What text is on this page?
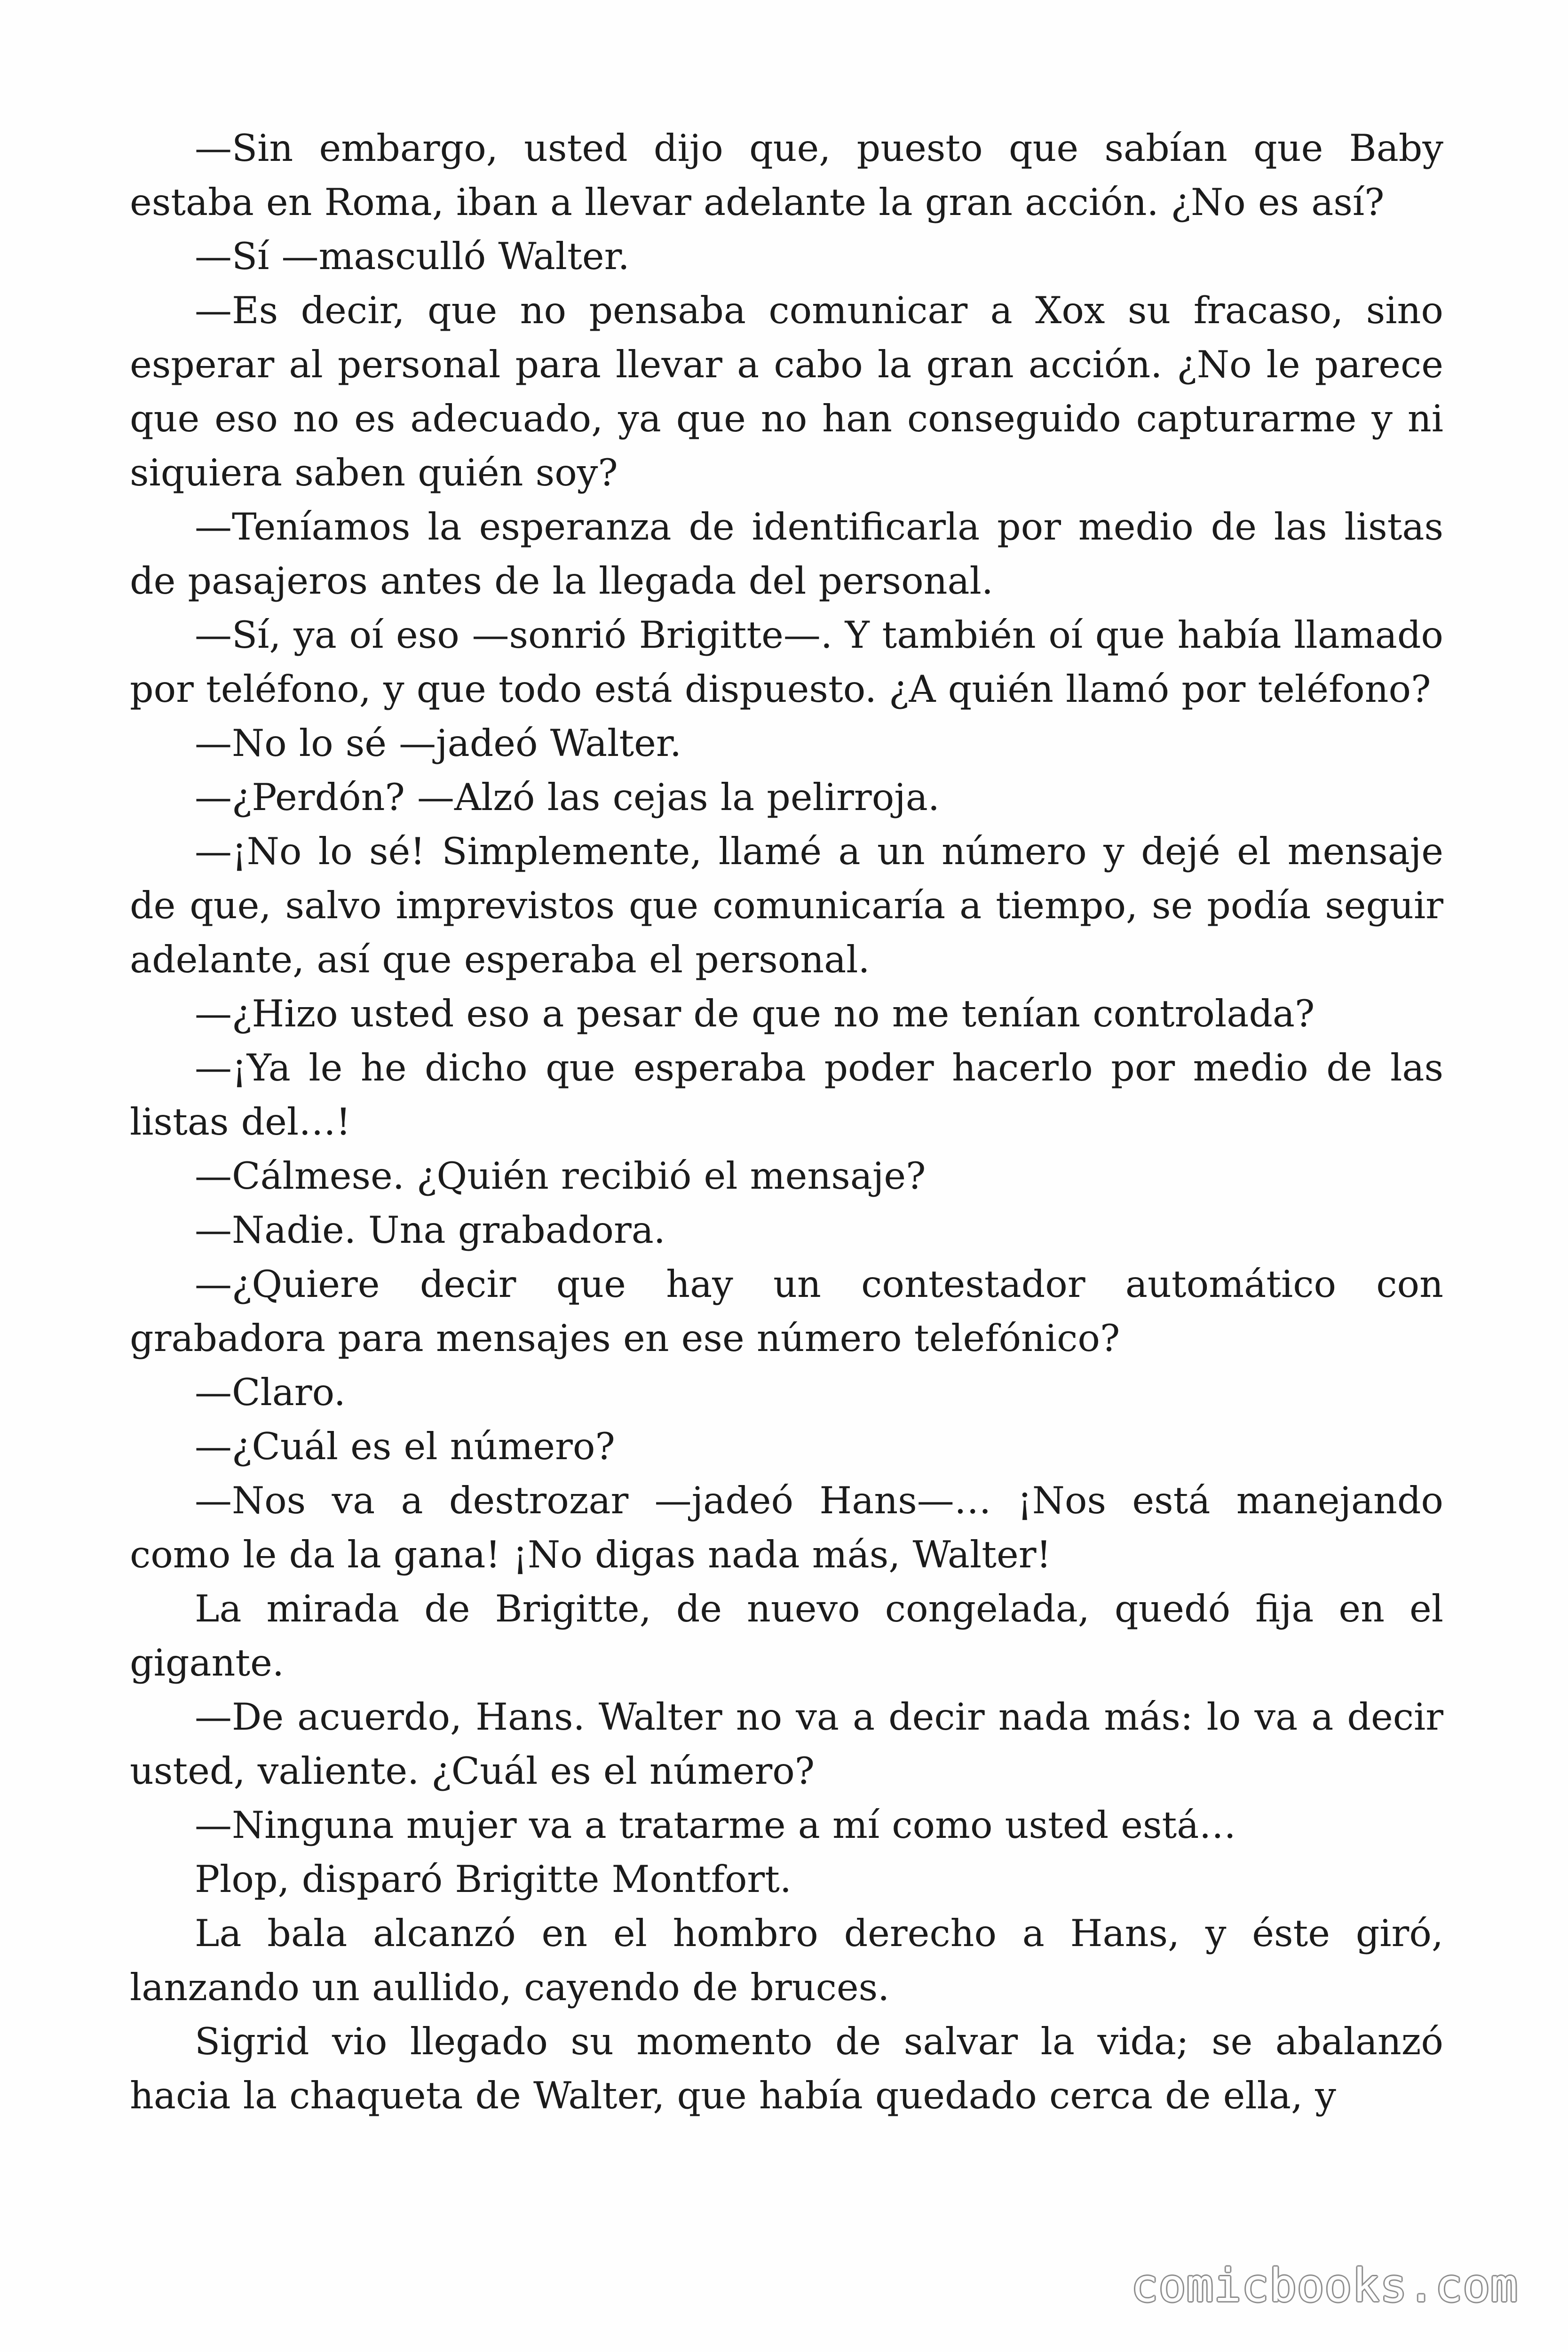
—Sin embargo, usted dijo que, puesto que sabían que Baby estaba en Roma, iban a llevar adelante la gran acción. ¿No es así?

—Sí —masculló Walter.

—Es decir, que no pensaba comunicar a Xox su fracaso, sino esperar al personal para llevar a cabo la gran acción. ¿No le parece que eso no es adecuado, ya que no han conseguido capturarme y ni siquiera saben quién soy?

—Teníamos la esperanza de identificarla por medio de las listas de pasajeros antes de la llegada del personal.

—Sí, ya oí eso —sonrió Brigitte—. Y también oí que había llamado por teléfono, y que todo está dispuesto. ¿A quién llamó por teléfono?

—No lo sé —jadeó Walter.

—¿Perdón? —Alzó las cejas la pelirroja.

—¡No lo sé! Simplemente, llamé a un número y dejé el mensaje de que, salvo imprevistos que comunicaría a tiempo, se podía seguir adelante, así que esperaba el personal.

—¿Hizo usted eso a pesar de que no me tenían controlada?

—¡Ya le he dicho que esperaba poder hacerlo por medio de las listas del…!

—Cálmese. ¿Quién recibió el mensaje?

—Nadie. Una grabadora.

—¿Quiere decir que hay un contestador automático con grabadora para mensajes en ese número telefónico?

—Claro.

—¿Cuál es el número?

—Nos va a destrozar —jadeó Hans—… ¡Nos está manejando como le da la gana! ¡No digas nada más, Walter!

La mirada de Brigitte, de nuevo congelada, quedó fija en el gigante.

—De acuerdo, Hans. Walter no va a decir nada más: lo va a decir usted, valiente. ¿Cuál es el número?

—Ninguna mujer va a tratarme a mí como usted está…

Plop, disparó Brigitte Montfort.

La bala alcanzó en el hombro derecho a Hans, y éste giró, lanzando un aullido, cayendo de bruces.

Sigrid vio llegado su momento de salvar la vida; se abalanzó hacia la chaqueta de Walter, que había quedado cerca de ella, y

comicbooks.com
